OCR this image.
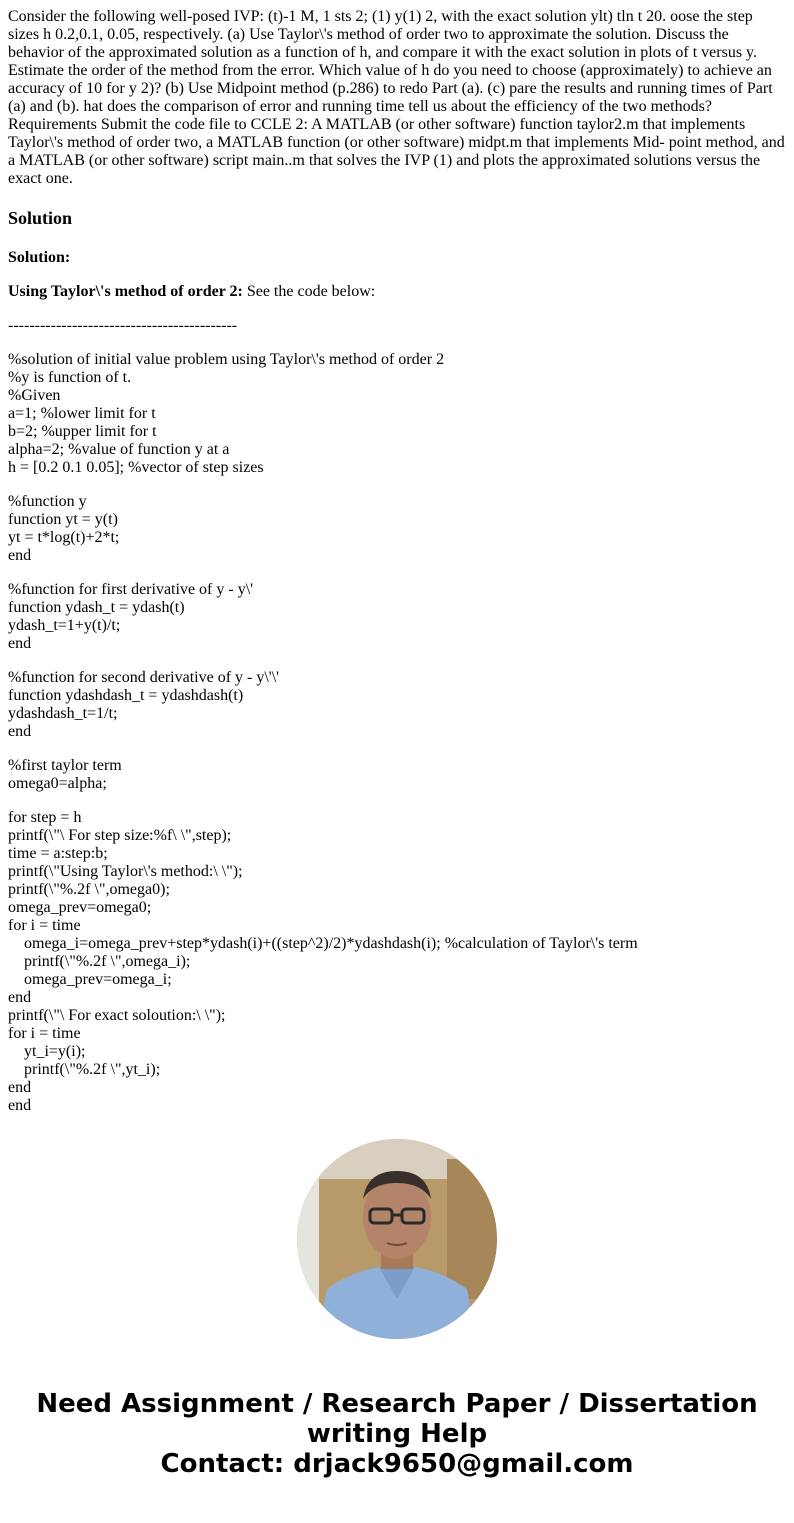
Consider the following well-posed IVP: (t)-1 M, 1 sts 2; (1) y(1) 2, with the exact solution ylt) tln t 20. oose the step sizes h 0.2,0.1, 0.05, respectively. (a) Use Taylor\'s method of order two to approximate the solution. Discuss the behavior of the approximated solution as a function of h, and compare it with the exact solution in plots of t versus y. Estimate the order of the method from the error. Which value of h do you need to choose (approximately) to achieve an accuracy of 10 for y 2)? (b) Use Midpoint method (p.286) to redo Part (a). (c) pare the results and running times of Part (a) and (b). hat does the comparison of error and running time tell us about the efficiency of the two methods? Requirements Submit the code file to CCLE 2: A MATLAB (or other software) function taylor2.m that implements Taylor\'s method of order two, a MATLAB function (or other software) midpt.m that implements Mid- point method, and a MATLAB (or other software) script main..m that solves the IVP (1) and plots the approximated solutions versus the exact one.
Solution

Solution:

Using Taylor\'s method of order 2: See the code below:

-------------------------------------------

%solution of initial value problem using Taylor\'s method of order 2
%y is function of t.
%Given
a=1; %lower limit for t
b=2; %upper limit for t
alpha=2; %value of function y at a
h = [0.2 0.1 0.05]; %vector of step sizes
%function y
function yt = y(t)
yt = t*log(t)+2*t;
end
%function for first derivative of y - y\'
function ydash_t = ydash(t)
ydash_t=1+y(t)/t;
end
%function for second derivative of y - y\'\'
function ydashdash_t = ydashdash(t)
ydashdash_t=1/t;
end
%first taylor term
omega0=alpha;
for step = h
printf(\"\ For step size:%f\ \",step);
time = a:step:b;
printf(\"Using Taylor\'s method:\ \");
printf(\"%.2f \",omega0);
omega_prev=omega0;
for i = time
omega_i=omega_prev+step*ydash(i)+((step^2)/2)*ydashdash(i); %calculation of Taylor\'s term
printf(\"%.2f \",omega_i);
omega_prev=omega_i;
end
printf(\"\ For exact soloution:\ \");
for i = time
yt_i=y(i);
printf(\"%.2f \",yt_i);
end
end
Need Assignment / Research Paper / Dissertation
writing Help
Contact: drjack9650@gmail.com
